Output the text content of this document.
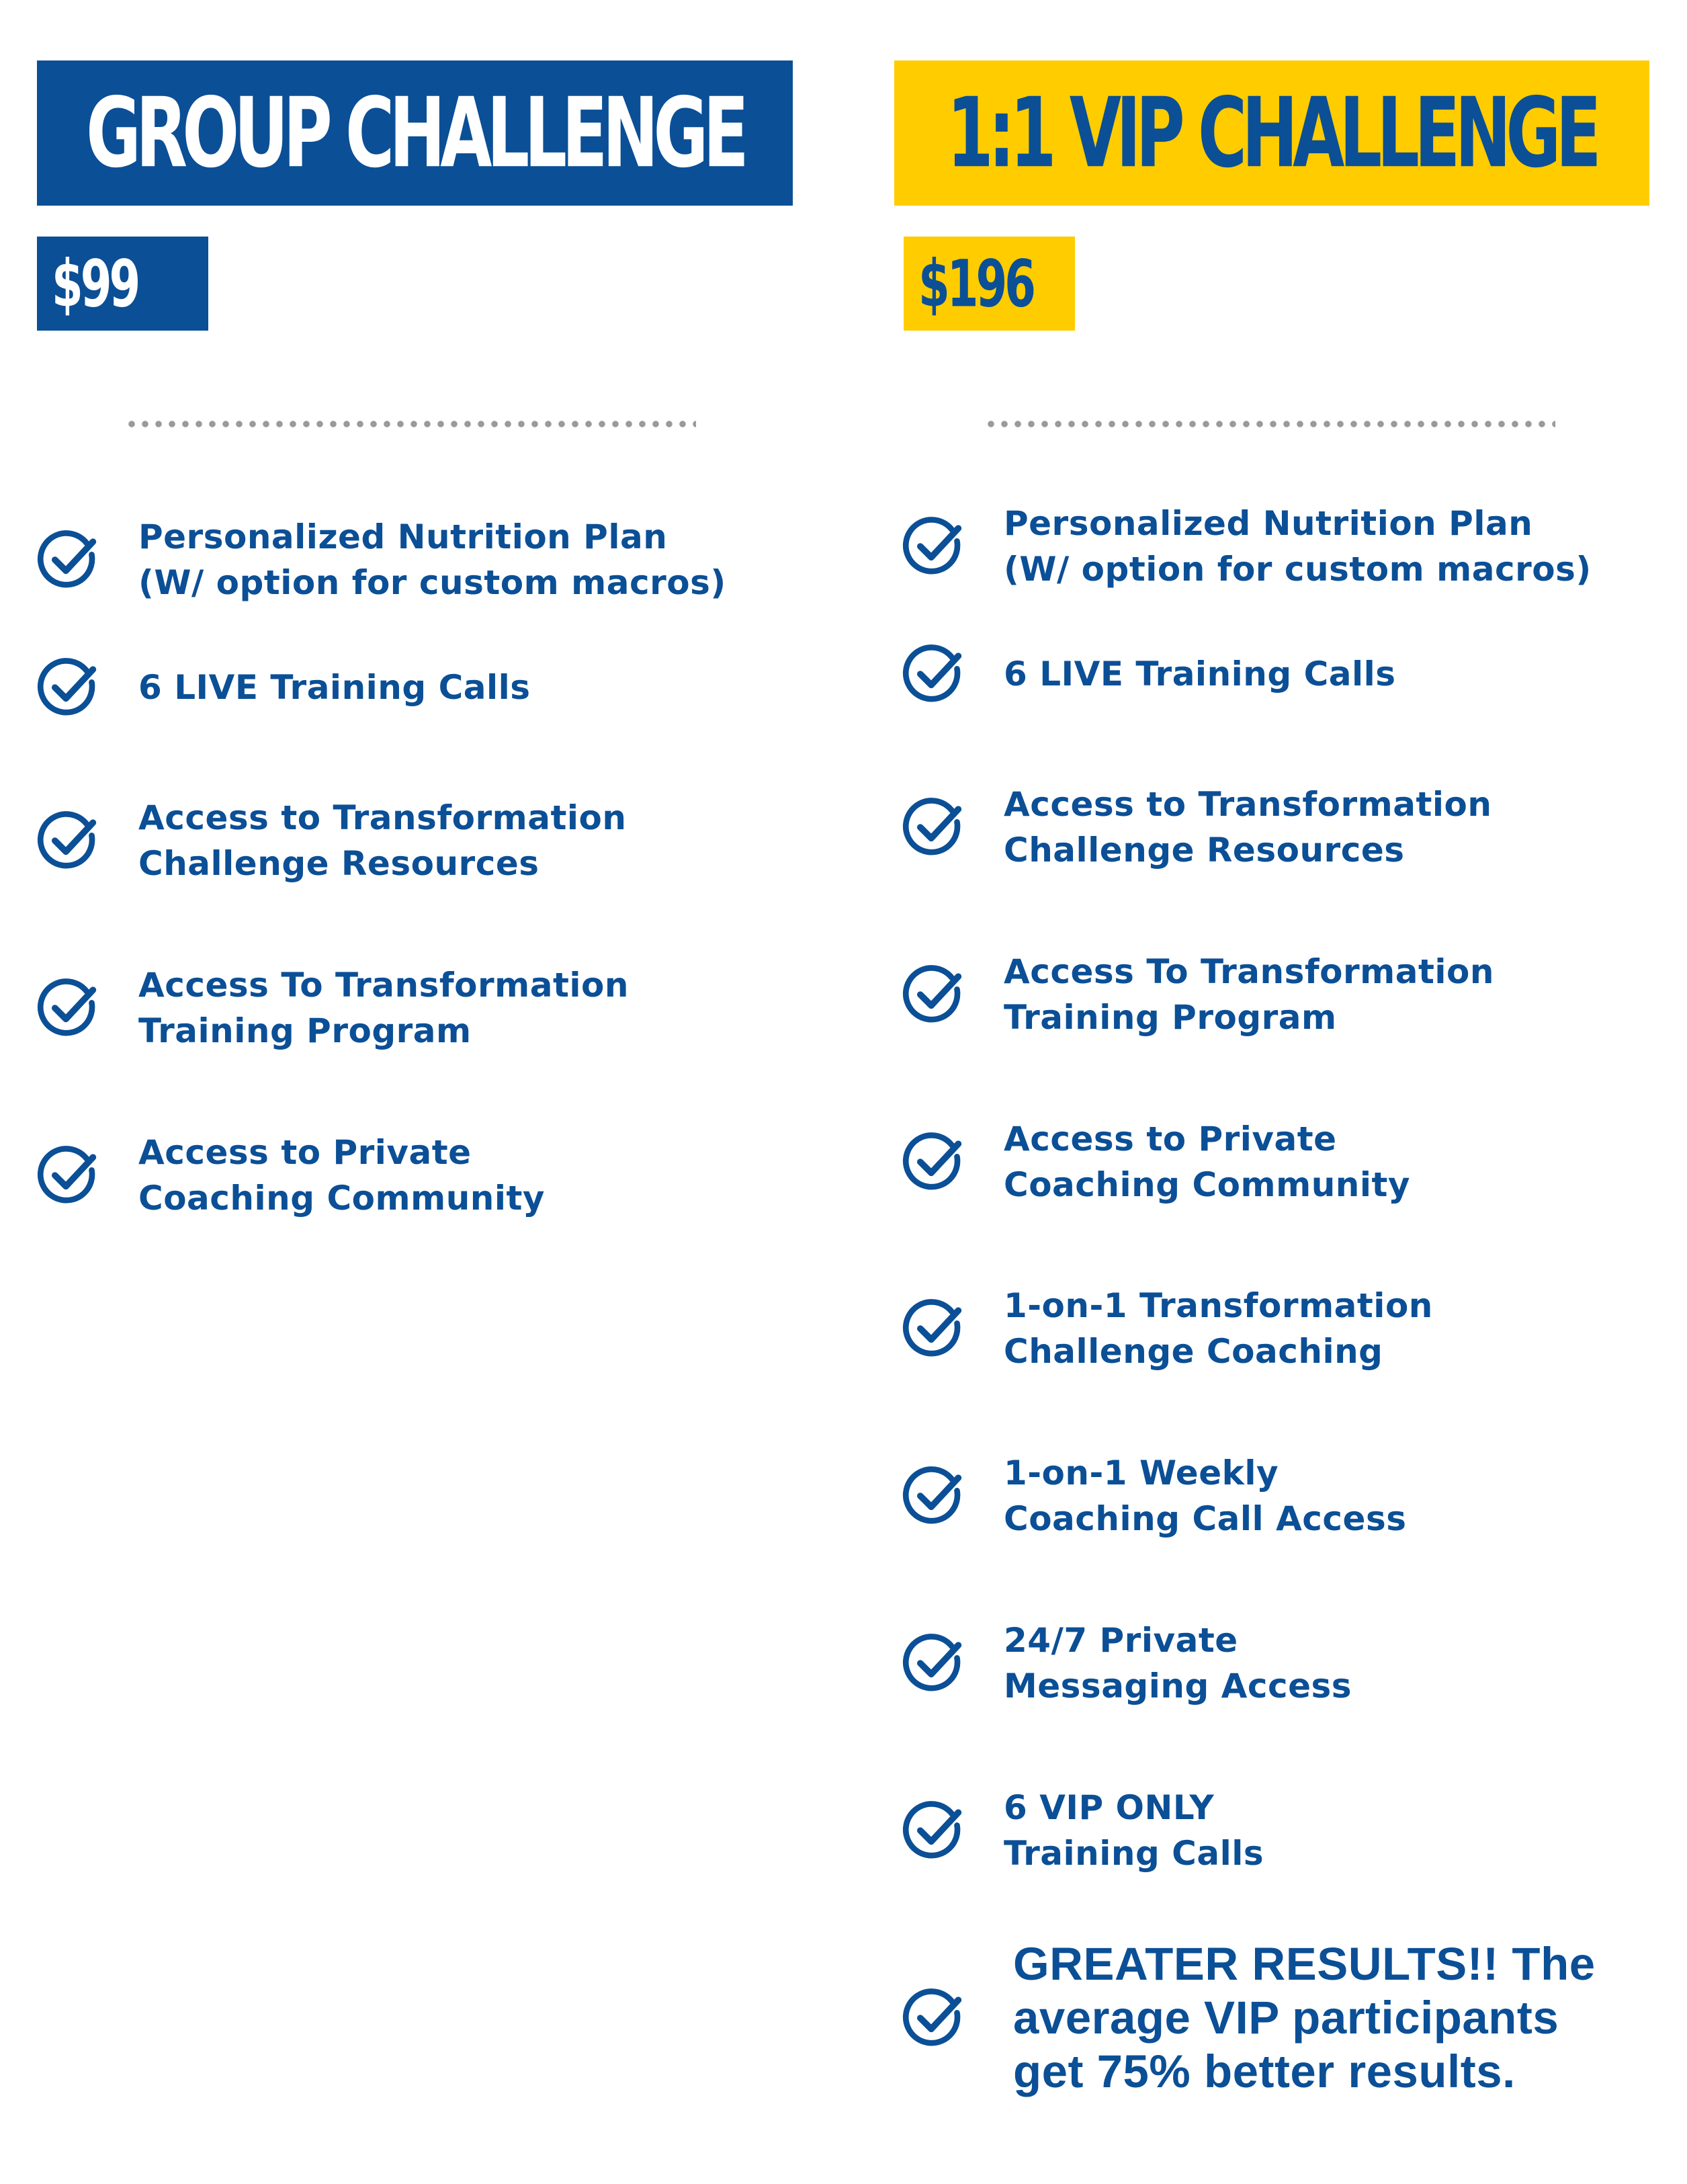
GROUP CHALLENGE
$99
Personalized Nutrition Plan
(W/ option for custom macros)
6 LIVE Training Calls
Access to Transformation
Challenge Resources
Access To Transformation
Training Program
Access to Private
Coaching Community
1:1 VIP CHALLENGE
$196
Personalized Nutrition Plan
(W/ option for custom macros)
6 LIVE Training Calls
Access to Transformation
Challenge Resources
Access To Transformation
Training Program
Access to Private
Coaching Community
1-on-1 Transformation
Challenge Coaching
1-on-1 Weekly
Coaching Call Access
24/7 Private
Messaging Access
6 VIP ONLY
Training Calls
GREATER RESULTS!! The
average VIP participants
get 75% better results.
